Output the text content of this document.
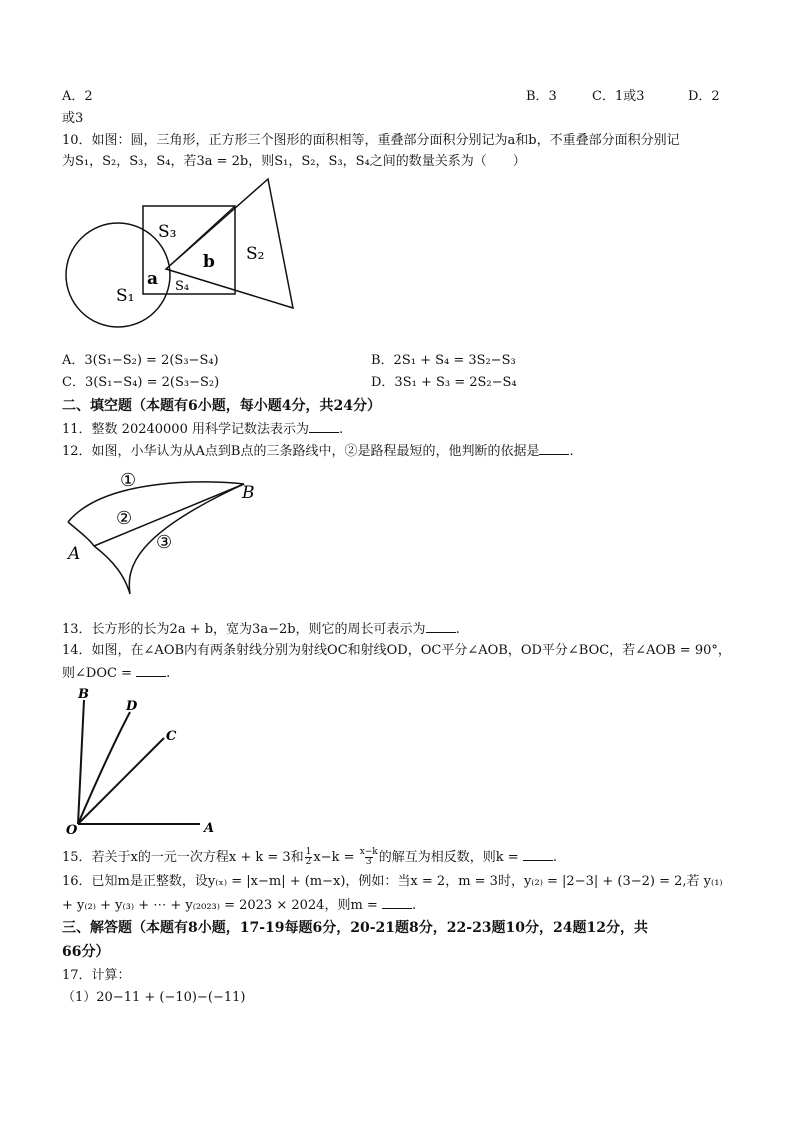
A．2	B．3	C．1或3	D．2
或3
10．如图：圆，三角形，正方形三个图形的面积相等，重叠部分面积分别记为a和b，不重叠部分面积分别记
为S₁，S₂，S₃，S₄，若3a = 2b，则S₁，S₂，S₃，S₄之间的数量关系为（　　）
S₃
b S₂
a S₄
S₁
A．3(S₁−S₂) = 2(S₃−S₄)	B．2S₁ + S₄ = 3S₂−S₃
C．3(S₁−S₄) = 2(S₃−S₂)	D．3S₁ + S₃ = 2S₂−S₄
二、填空题（本题有6小题，每小题4分，共24分）
11．整数 20240000 用科学记数法表示为 .
12．如图，小华认为从A点到B点的三条路线中，②是路程最短的，他判断的依据是 .
①
②
③
B
A
13．长方形的长为2a + b，宽为3a−2b，则它的周长可表示为 .
14．如图，在∠AOB内有两条射线分别为射线OC和射线OD，OC平分∠AOB，OD平分∠BOC，若∠AOB = 90°，
则∠DOC =	.
B
D
C
O	A
15．若关于x的一元一次方程x + k = 3和 $\frac{1}{2} x-k = \frac{x-k}{3}$ 的解互为相反数，则k =	.
16．已知m是正整数，设y₍ₓ₎ = |x−m| + (m−x)，例如：当x = 2，m = 3时，y₍₂₎ = |2−3| + (3−2) = 2,若 y₍₁₎
+ y₍₂₎ + y₍₃₎ + ⋯ + y₍₂₀₂₃₎ = 2023 × 2024，则m =	.
三、解答题（本题有8小题，17-19每题6分，20-21题8分，22-23题10分，24题12分，共
66分）
17．计算：
（1）20−11 + (−10)−(−11)
